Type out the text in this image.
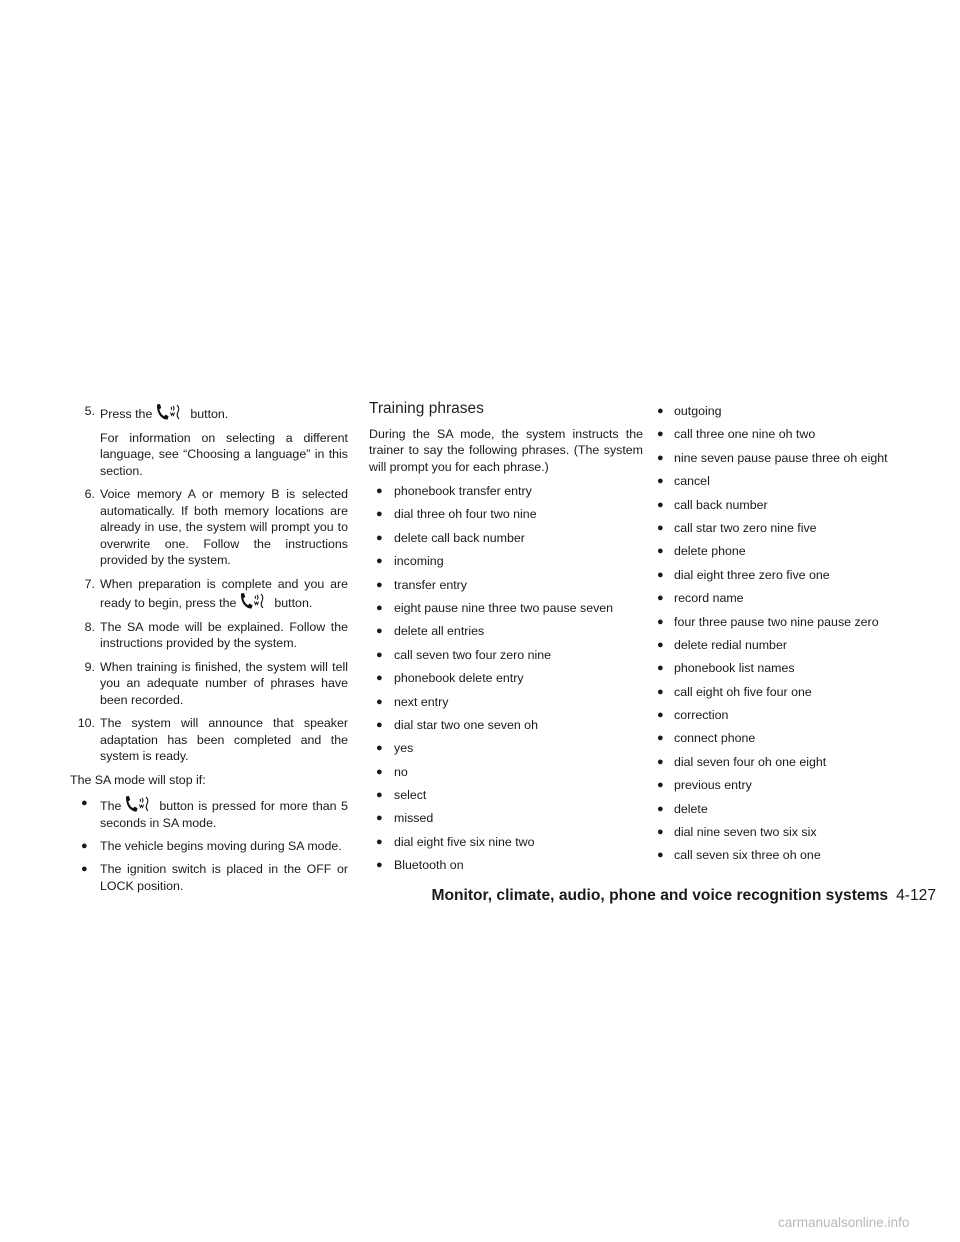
5. Press the	button.

For information on selecting a different language, see “Choosing a language” in this section.

6. Voice memory A or memory B is selected automatically. If both memory locations are already in use, the system will prompt you to overwrite one. Follow the instructions provided by the system.

7. When preparation is complete and you are ready to begin, press the	button.

8. The SA mode will be explained. Follow the instructions provided by the system.

9. When training is finished, the system will tell you an adequate number of phrases have been recorded.

10. The system will announce that speaker adaptation has been completed and the system is ready.

The SA mode will stop if:
● The	button is pressed for more than 5 seconds in SA mode.
● The vehicle begins moving during SA mode.
● The ignition switch is placed in the OFF or LOCK position.
Training phrases

During the SA mode, the system instructs the trainer to say the following phrases. (The system will prompt you for each phrase.)

● phonebook transfer entry
● dial three oh four two nine
● delete call back number
● incoming
● transfer entry
● eight pause nine three two pause seven
● delete all entries
● call seven two four zero nine
● phonebook delete entry
● next entry
● dial star two one seven oh
● yes
● no
● select
● missed
● dial eight five six nine two
● Bluetooth on
● outgoing
● call three one nine oh two
● nine seven pause pause three oh eight
● cancel
● call back number
● call star two zero nine five
● delete phone
● dial eight three zero five one
● record name
● four three pause two nine pause zero
● delete redial number
● phonebook list names
● call eight oh five four one
● correction
● connect phone
● dial seven four oh one eight
● previous entry
● delete
● dial nine seven two six six
● call seven six three oh one
Monitor, climate, audio, phone and voice recognition systems 4-127
carmanualsonline.info
